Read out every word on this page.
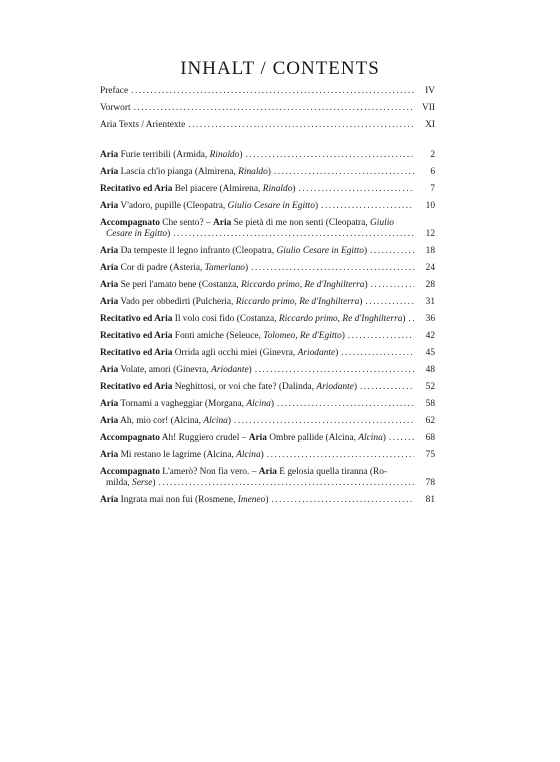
INHALT / CONTENTS
Preface .....	IV
Vorwort .....	VII
Aria Texts / Arientexte .....	XI
Aria Furie terribili (Armida, Rinaldo) .....	2
Aria Lascia ch'io pianga (Almirena, Rinaldo) .....	6
Recitativo ed Aria Bel piacere (Almirena, Rinaldo) .....	7
Aria V'adoro, pupille (Cleopatra, Giulio Cesare in Egitto) .....	10
Accompagnato Che sento? – Aria Se pietà di me non senti (Cleopatra, Giulio
Cesare in Egitto) .....	12
Aria Da tempeste il legno infranto (Cleopatra, Giulio Cesare in Egitto) .....	18
Aria Cor di padre (Asteria, Tamerlano) .....	24
Aria Se peri l'amato bene (Costanza, Riccardo primo, Re d'Inghilterra) .....	28
Aria Vado per obbedirti (Pulcheria, Riccardo primo, Re d'Inghilterra) .....	31
Recitativo ed Aria Il volo così fido (Costanza, Riccardo primo, Re d'Inghilterra) .....	36
Recitativo ed Aria Fonti amiche (Seleuce, Tolomeo, Re d'Egitto) .....	42
Recitativo ed Aria Orrida agli occhi miei (Ginevra, Ariodante) .....	45
Aria Volate, amori (Ginevra, Ariodante) .....	48
Recitativo ed Aria Neghittosi, or voi che fate? (Dalinda, Ariodante) .....	52
Aria Tornami a vagheggiar (Morgana, Alcina) .....	58
Aria Ah, mio cor! (Alcina, Alcina) .....	62
Accompagnato Ah! Ruggiero crudel – Aria Ombre pallide (Alcina, Alcina) .....	68
Aria Mi restano le lagrime (Alcina, Alcina) .....	75
Accompagnato L'amerò? Non fia vero. – Aria È gelosia quella tiranna (Ro-
milda, Serse) .....	78
Aria Ingrata mai non fui (Rosmene, Imeneo) .....	81
